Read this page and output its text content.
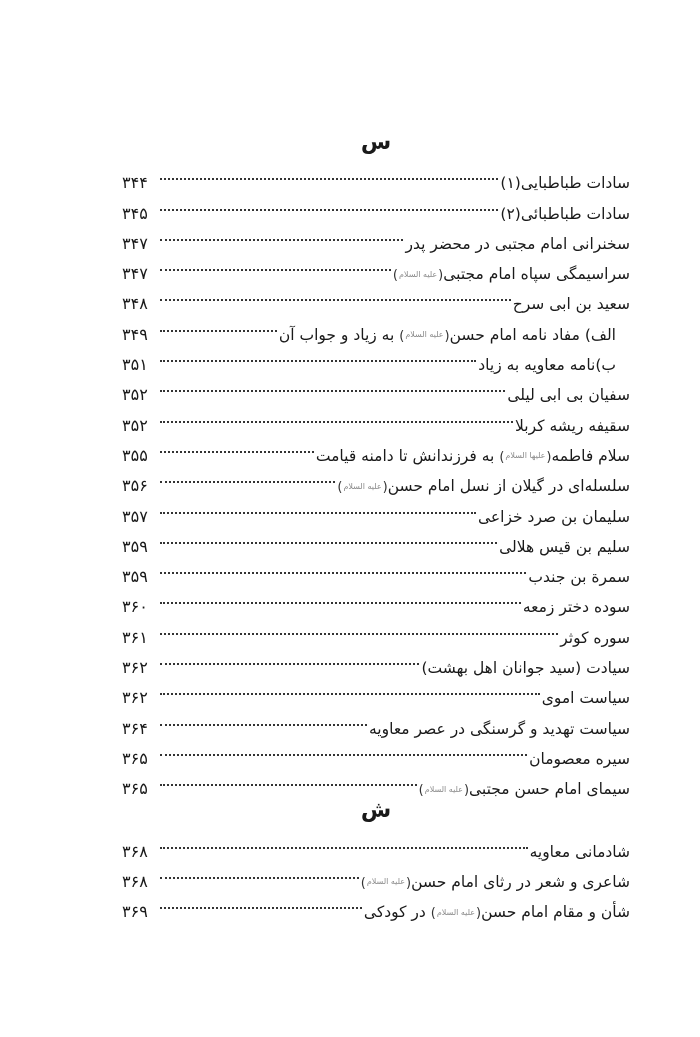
س
سادات طباطبایی(۱)
۳۴۴
سادات طباطبائی(۲)
۳۴۵
سخنرانی امام مجتبی در محضر پدر
۳۴۷
سراسیمگی سپاه امام مجتبی(علیه السلام)
۳۴۷
سعید بن ابی سرح
۳۴۸
الف) مفاد نامه امام حسن(علیه السلام) به زیاد و جواب آن
۳۴۹
ب)نامه معاویه به زیاد
۳۵۱
سفیان بی ابی لیلی
۳۵۲
سقیفه ریشه کربلا
۳۵۲
سلام فاطمه(علیها السلام) به فرزندانش تا دامنه قیامت
۳۵۵
سلسله‌ای در گیلان از نسل امام حسن(علیه السلام)
۳۵۶
سلیمان بن صرد خزاعی
۳۵۷
سلیم بن قیس هلالی
۳۵۹
سمرة بن جندب
۳۵۹
سوده دختر زمعه
۳۶۰
سوره کوثر
۳۶۱
سیادت (سید جوانان اهل بهشت)
۳۶۲
سیاست اموی
۳۶۲
سیاست تهدید و گرسنگی در عصر معاویه
۳۶۴
سیره معصومان
۳۶۵
سیمای امام حسن مجتبی(علیه السلام)
۳۶۵
ش
شادمانی معاویه
۳۶۸
شاعری و شعر در رثای امام حسن(علیه السلام)
۳۶۸
شأن و مقام امام حسن(علیه السلام) در کودکی
۳۶۹
